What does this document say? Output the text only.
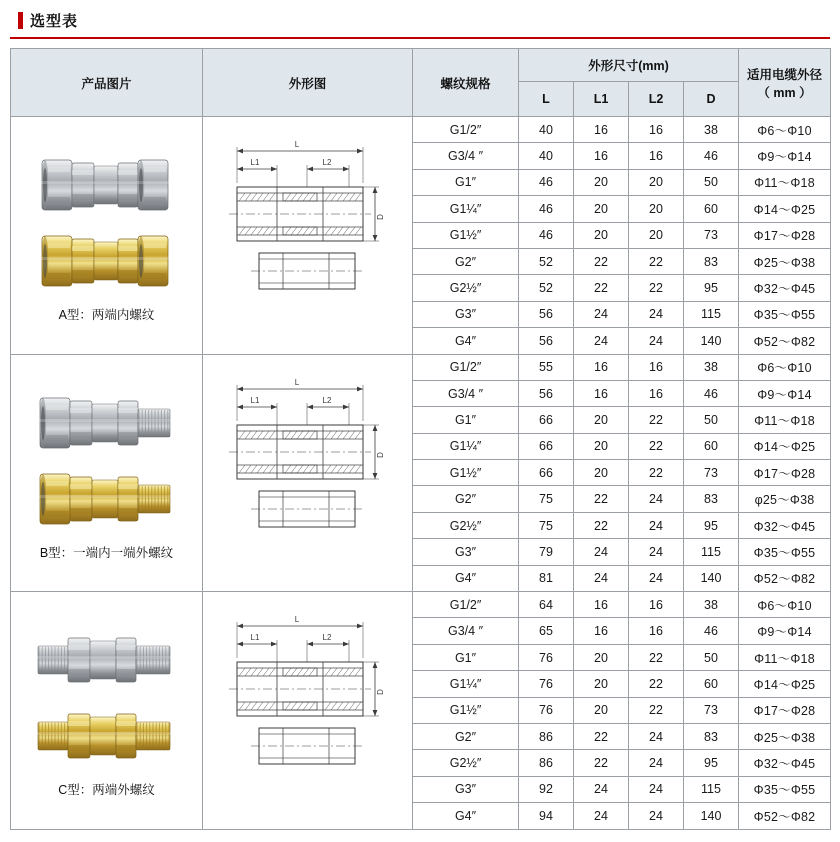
选型表
产品图片	外形图	螺纹规格	外形尺寸(mm)				适用电缆外径
（ mm ）

			L	L1	L2	D	

A型：两端内螺纹	L
L1 L2
D	G1/2″	40	16	16	38	Φ6～Φ10
		G3/4 ″	40	16	16	46	Φ9～Φ14
		G1″	46	20	20	50	Φ11～Φ18
		G1¼″	46	20	20	60	Φ14～Φ25
		G1½″	46	20	20	73	Φ17～Φ28
		G2″	52	22	22	83	Φ25～Φ38
		G2½″	52	22	22	95	Φ32～Φ45
		G3″	56	24	24	115	Φ35～Φ55
		G4″	56	24	24	140	Φ52～Φ82

B型：一端内一端外螺纹	L
L1 L2
D	G1/2″	55	16	16	38	Φ6～Φ10
		G3/4 ″	56	16	16	46	Φ9～Φ14
		G1″	66	20	22	50	Φ11～Φ18
		G1¼″	66	20	22	60	Φ14～Φ25
		G1½″	66	20	22	73	Φ17～Φ28
		G2″	75	22	24	83	φ25～Φ38
		G2½″	75	22	24	95	Φ32～Φ45
		G3″	79	24	24	115	Φ35～Φ55
		G4″	81	24	24	140	Φ52～Φ82

C型：两端外螺纹	L
L1 L2
D	G1/2″	64	16	16	38	Φ6～Φ10
		G3/4 ″	65	16	16	46	Φ9～Φ14
		G1″	76	20	22	50	Φ11～Φ18
		G1¼″	76	20	22	60	Φ14～Φ25
		G1½″	76	20	22	73	Φ17～Φ28
		G2″	86	22	24	83	Φ25～Φ38
		G2½″	86	22	24	95	Φ32～Φ45
		G3″	92	24	24	115	Φ35～Φ55
		G4″	94	24	24	140	Φ52～Φ82
